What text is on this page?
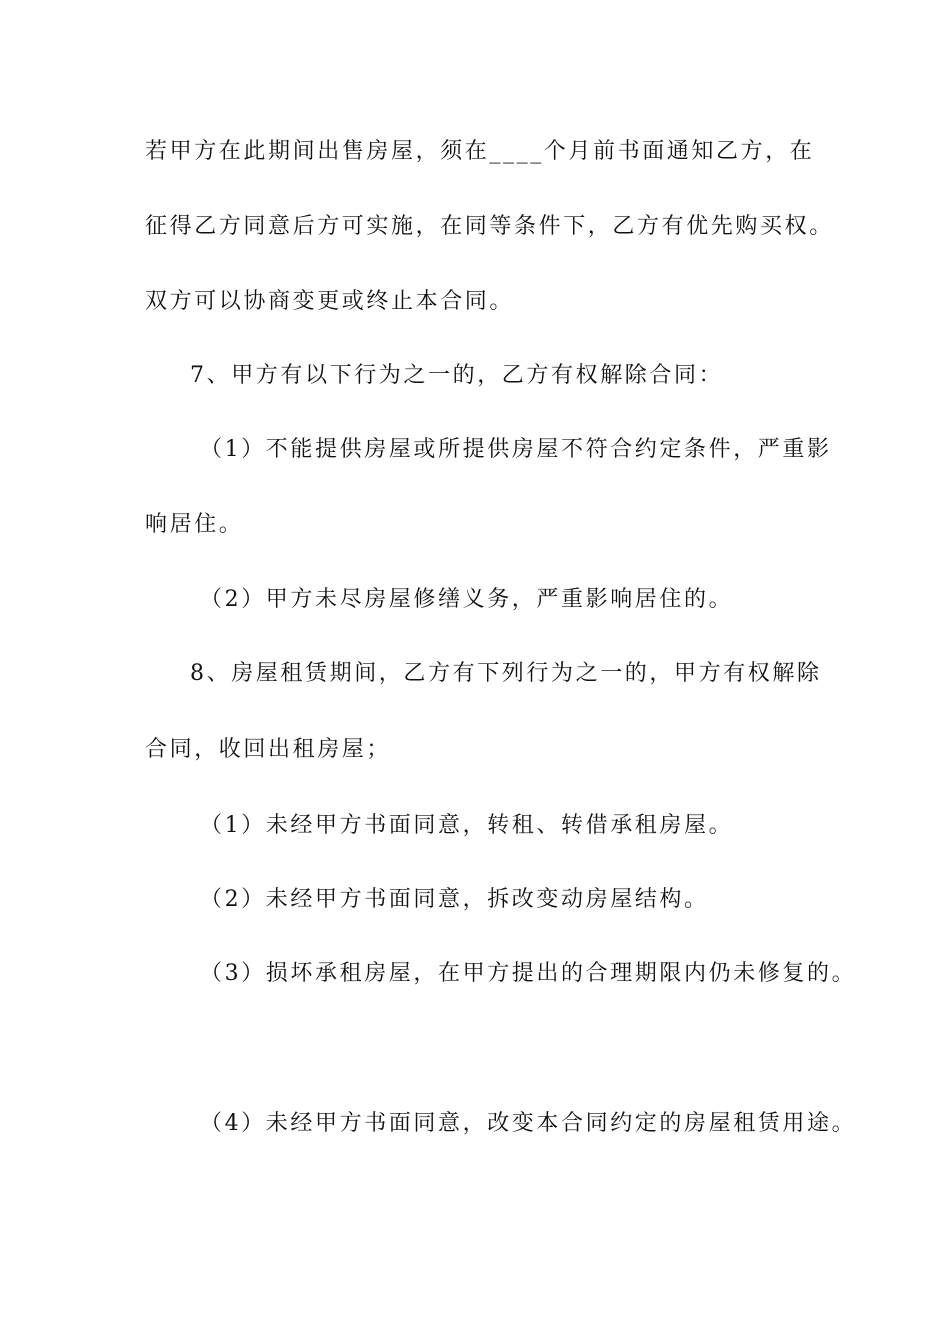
若甲方在此期间出售房屋，须在____个月前书面通知乙方，在
征得乙方同意后方可实施，在同等条件下，乙方有优先购买权。
双方可以协商变更或终止本合同。
7、甲方有以下行为之一的，乙方有权解除合同：
（1）不能提供房屋或所提供房屋不符合约定条件，严重影
响居住。
（2）甲方未尽房屋修缮义务，严重影响居住的。
8、房屋租赁期间，乙方有下列行为之一的，甲方有权解除
合同，收回出租房屋；
（1）未经甲方书面同意，转租、转借承租房屋。
（2）未经甲方书面同意，拆改变动房屋结构。
（3）损坏承租房屋，在甲方提出的合理期限内仍未修复的。
（4）未经甲方书面同意，改变本合同约定的房屋租赁用途。
